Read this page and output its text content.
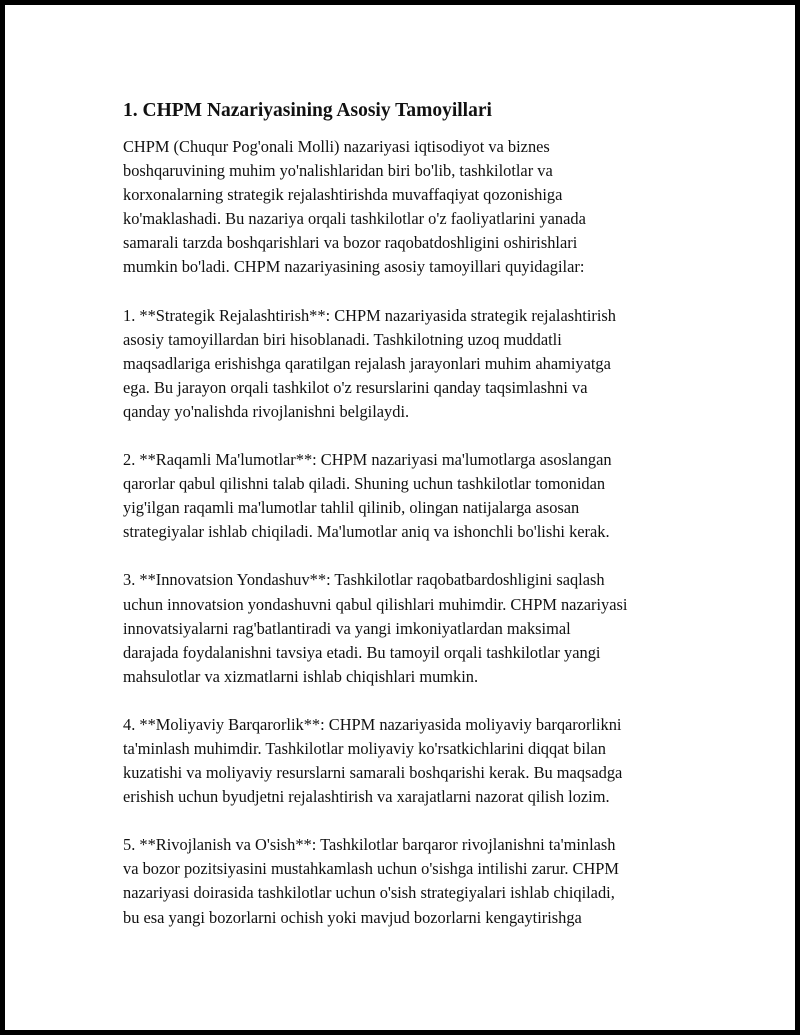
1. CHPM Nazariyasining Asosiy Tamoyillari
CHPM (Chuqur Pog'onali Molli) nazariyasi iqtisodiyot va biznes
boshqaruvining muhim yo'nalishlaridan biri bo'lib, tashkilotlar va
korxonalarning strategik rejalashtirishda muvaffaqiyat qozonishiga
ko'maklashadi. Bu nazariya orqali tashkilotlar o'z faoliyatlarini yanada
samarali tarzda boshqarishlari va bozor raqobatdoshligini oshirishlari
mumkin bo'ladi. CHPM nazariyasining asosiy tamoyillari quyidagilar:
1. **Strategik Rejalashtirish**: CHPM nazariyasida strategik rejalashtirish
asosiy tamoyillardan biri hisoblanadi. Tashkilotning uzoq muddatli
maqsadlariga erishishga qaratilgan rejalash jarayonlari muhim ahamiyatga
ega. Bu jarayon orqali tashkilot o'z resurslarini qanday taqsimlashni va
qanday yo'nalishda rivojlanishni belgilaydi.
2. **Raqamli Ma'lumotlar**: CHPM nazariyasi ma'lumotlarga asoslangan
qarorlar qabul qilishni talab qiladi. Shuning uchun tashkilotlar tomonidan
yig'ilgan raqamli ma'lumotlar tahlil qilinib, olingan natijalarga asosan
strategiyalar ishlab chiqiladi. Ma'lumotlar aniq va ishonchli bo'lishi kerak.
3. **Innovatsion Yondashuv**: Tashkilotlar raqobatbardoshligini saqlash
uchun innovatsion yondashuvni qabul qilishlari muhimdir. CHPM nazariyasi
innovatsiyalarni rag'batlantiradi va yangi imkoniyatlardan maksimal
darajada foydalanishni tavsiya etadi. Bu tamoyil orqali tashkilotlar yangi
mahsulotlar va xizmatlarni ishlab chiqishlari mumkin.
4. **Moliyaviy Barqarorlik**: CHPM nazariyasida moliyaviy barqarorlikni
ta'minlash muhimdir. Tashkilotlar moliyaviy ko'rsatkichlarini diqqat bilan
kuzatishi va moliyaviy resurslarni samarali boshqarishi kerak. Bu maqsadga
erishish uchun byudjetni rejalashtirish va xarajatlarni nazorat qilish lozim.
5. **Rivojlanish va O'sish**: Tashkilotlar barqaror rivojlanishni ta'minlash
va bozor pozitsiyasini mustahkamlash uchun o'sishga intilishi zarur. CHPM
nazariyasi doirasida tashkilotlar uchun o'sish strategiyalari ishlab chiqiladi,
bu esa yangi bozorlarni ochish yoki mavjud bozorlarni kengaytirishga
